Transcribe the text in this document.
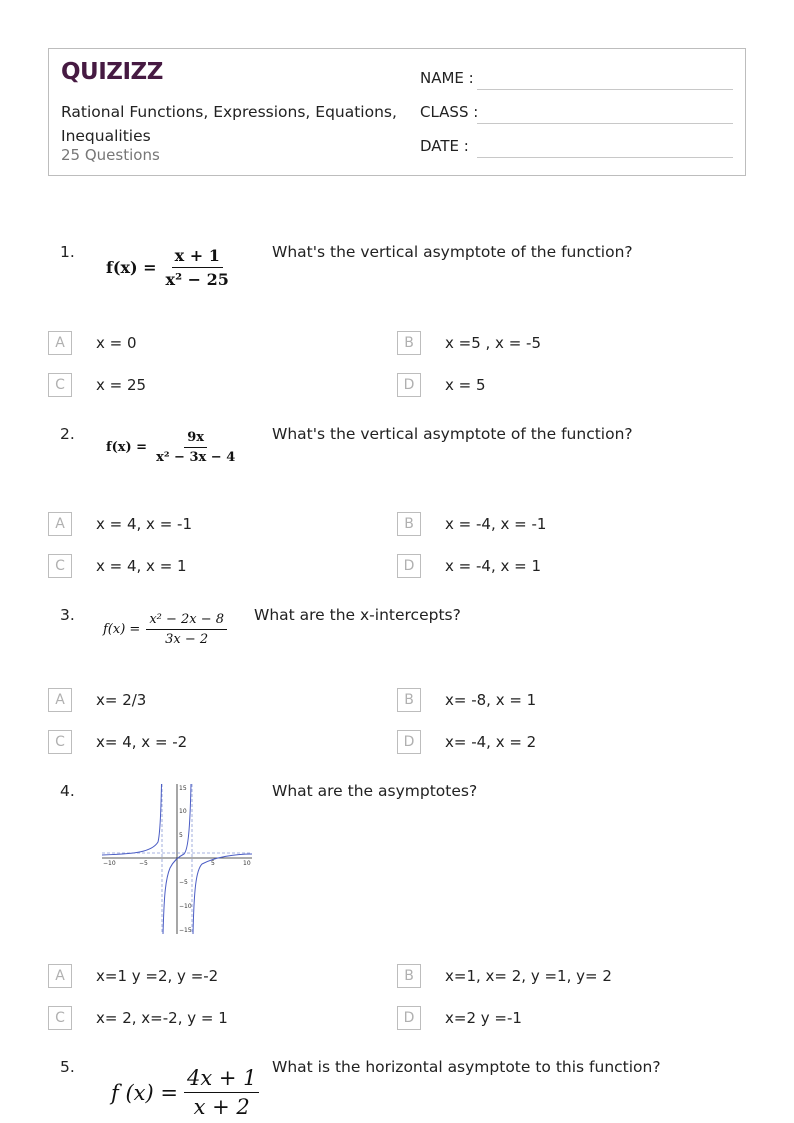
QUIZIZZ
Rational Functions, Expressions, Equations, Inequalities
25 Questions
NAME :
CLASS :
DATE :
1.
$f(x) = \frac{x + 1}{\text{x² − 25}}$	What's the vertical asymptote of the function?
A	x = 0	B	x =5 , x = -5
C	x = 25	D	x = 5
2.
$f(x) = \frac{9x}{\text{x² − 3x − 4}}$ What's the vertical asymptote of the function?
A	x = 4, x = -1	B	x = -4, x = -1
C	x = 4, x = 1	D	x = -4, x = 1
3.
$f(x) = \frac{\text{x² − 2x − 8}}{3x - 2}$ What are the x-intercepts?
A	x= 2/3	B	x= -8, x = 1
C	x= 4, x = -2	D	x= -4, x = 2
4.
−10	−5	5	10
15
10
5
−5
−10
−15
What are the asymptotes?
A	x=1 y =2, y =-2	B	x=1, x= 2, y =1, y= 2
C	x= 2, x=-2, y = 1	D	x=2 y =-1
5.
f $(x) = \frac{4x + 1}{x + 2}$ What is the horizontal asymptote to this function?
